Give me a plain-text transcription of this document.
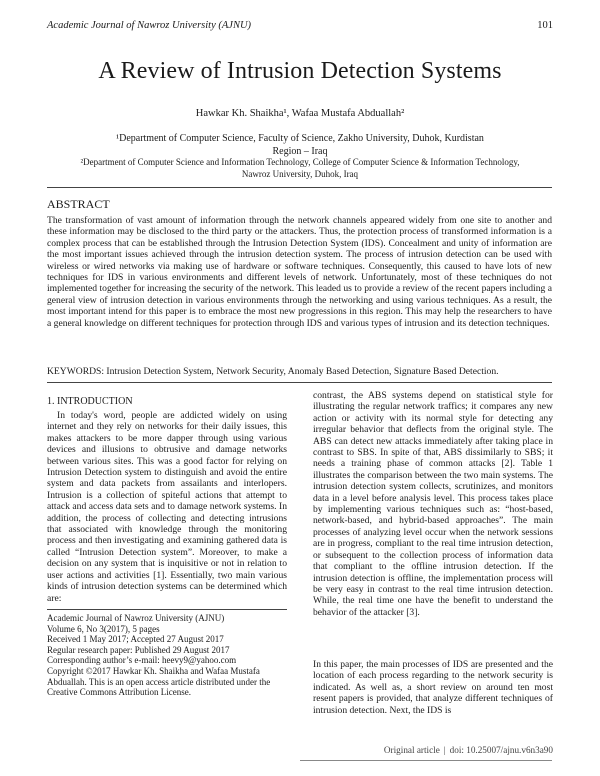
Academic Journal of Nawroz University (AJNU)	101
A Review of Intrusion Detection Systems
Hawkar Kh. Shaikha¹, Wafaa Mustafa Abduallah²
¹Department of Computer Science, Faculty of Science, Zakho University, Duhok, Kurdistan Region – Iraq
²Department of Computer Science and Information Technology, College of Computer Science & Information Technology, Nawroz University, Duhok, Iraq
ABSTRACT

The transformation of vast amount of information through the network channels appeared widely from one site to another and these information may be disclosed to the third party or the attackers. Thus, the protection process of transformed information is a complex process that can be established through the Intrusion Detection System (IDS). Concealment and unity of information are the most important issues achieved through the intrusion detection system. The process of intrusion detection can be used with wireless or wired networks via making use of hardware or software techniques. Consequently, this caused to have lots of new techniques for IDS in various environments and different levels of network. Unfortunately, most of these techniques do not implemented together for increasing the security of the network. This leaded us to provide a review of the recent papers including a general view of intrusion detection in various environments through the networking and using various techniques. As a result, the most important intend for this paper is to embrace the most new progressions in this region. This may help the researchers to have a general knowledge on different techniques for protection through IDS and various types of intrusion and its detection techniques.

KEYWORDS: Intrusion Detection System, Network Security, Anomaly Based Detection, Signature Based Detection.
1. INTRODUCTION

In today's word, people are addicted widely on using internet and they rely on networks for their daily issues, this makes attackers to be more dapper through using various devices and illusions to obtrusive and damage networks between various sites. This was a good factor for relying on Intrusion Detection system to distinguish and avoid the entire system and data packets from assailants and interlopers. Intrusion is a collection of spiteful actions that attempt to attack and access data sets and to damage network systems. In addition, the process of collecting and detecting intrusions that associated with knowledge through the monitoring process and then investigating and examining gathered data is called “Intrusion Detection system”. Moreover, to make a decision on any system that is inquisitive or not in relation to user actions and activities [1]. Essentially, two main various kinds of intrusion detection systems can be determined which are:

Academic Journal of Nawroz University (AJNU)
Volume 6, No 3(2017), 5 pages
Received 1 May 2017; Accepted 27 August 2017
Regular research paper: Published 29 August 2017
Corresponding author’s e-mail: heevy9@yahoo.com
Copyright ©2017 Hawkar Kh. Shaikha and Wafaa Mustafa Abduallah. This is an open access article distributed under the Creative Commons Attribution License.

contrast, the ABS systems depend on statistical style for illustrating the regular network traffics; it compares any new action or activity with its normal style for detecting any irregular behavior that deflects from the original style. The ABS can detect new attacks immediately after taking place in contrast to SBS. In spite of that, ABS dissimilarly to SBS; it needs a training phase of common attacks [2]. Table 1 illustrates the comparison between the two main systems. The intrusion detection system collects, scrutinizes, and monitors data in a level before analysis level. This process takes place by implementing various techniques such as: “host-based, network-based, and hybrid-based approaches”. The main processes of analyzing level occur when the network sessions are in progress, compliant to the real time intrusion detection, or subsequent to the collection process of information data that compliant to the offline intrusion detection. If the intrusion detection is offline, the implementation process will be very easy in contrast to the real time intrusion detection. While, the real time one have the benefit to understand the behavior of the attacker [3].

In this paper, the main processes of IDS are presented and the location of each process regarding to the network security is indicated. As well as, a short review on around ten most resent papers is provided, that analyze different techniques of intrusion detection. Next, the IDS is

Original article | doi: 10.25007/ajnu.v6n3a90
